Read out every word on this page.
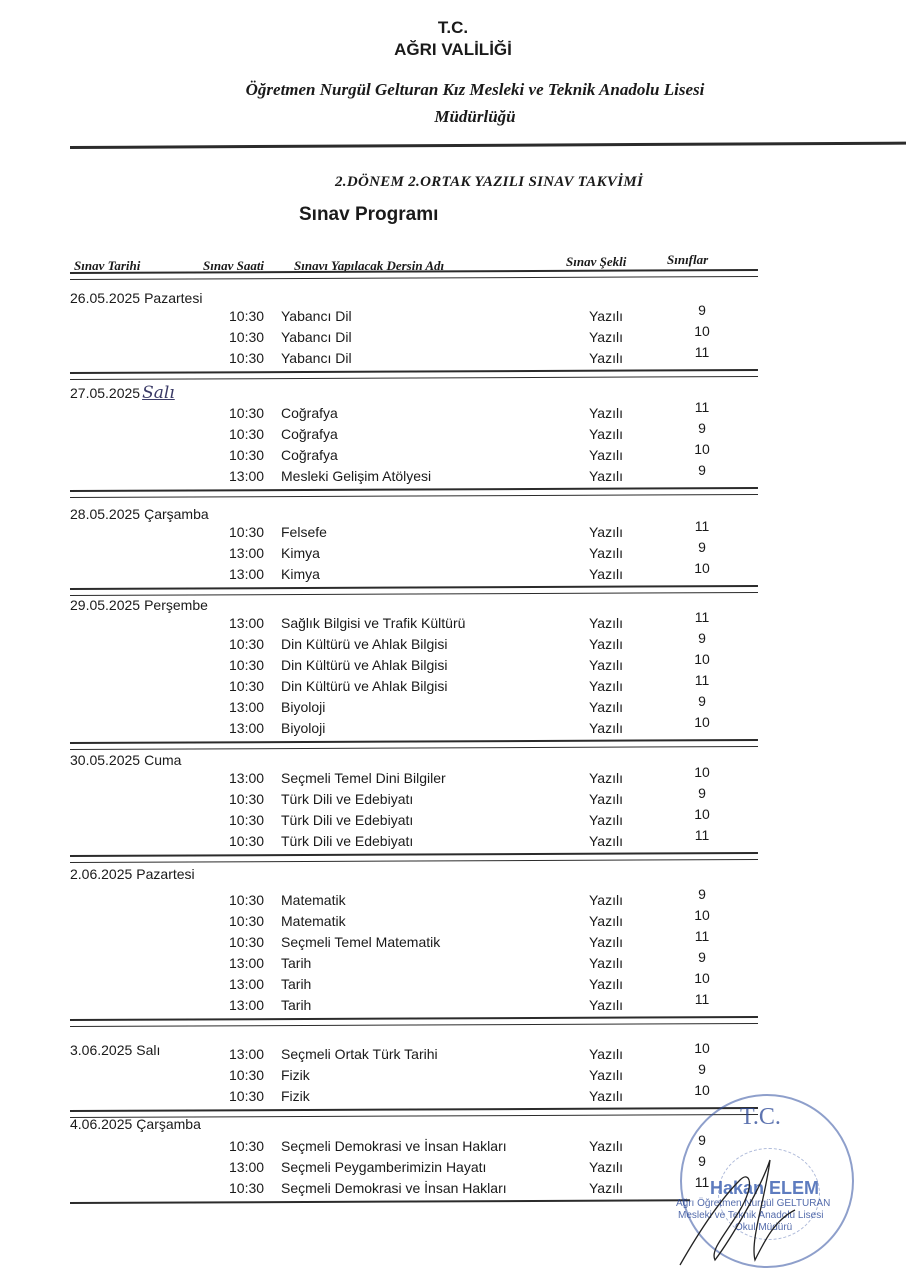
T.C.
AĞRI VALİLİĞİ
Öğretmen Nurgül Gelturan Kız Mesleki ve Teknik Anadolu Lisesi
Müdürlüğü
2.DÖNEM 2.ORTAK YAZILI SINAV TAKVİMİ
Sınav Programı
Sınav Tarihi	Sınav Saati Sınavı Yapılacak Dersin Adı	Sınav Şekli	Sınıflar
26.05.2025 Pazartesi
10:30 Yabancı Dil	Yazılı	9
10:30 Yabancı Dil	Yazılı	10
10:30 Yabancı Dil	Yazılı	11
27.05.2025 Salı
10:30 Coğrafya	Yazılı	11
10:30 Coğrafya	Yazılı	9
10:30 Coğrafya	Yazılı	10
13:00 Mesleki Gelişim Atölyesi	Yazılı	9
28.05.2025 Çarşamba
10:30 Felsefe	Yazılı	11
13:00 Kimya	Yazılı	9
13:00 Kimya	Yazılı	10
29.05.2025 Perşembe
13:00 Sağlık Bilgisi ve Trafik Kültürü	Yazılı	11
10:30 Din Kültürü ve Ahlak Bilgisi	Yazılı	9
10:30 Din Kültürü ve Ahlak Bilgisi	Yazılı	10
10:30 Din Kültürü ve Ahlak Bilgisi	Yazılı	11
13:00 Biyoloji	Yazılı	9
13:00 Biyoloji	Yazılı	10
30.05.2025 Cuma
13:00 Seçmeli Temel Dini Bilgiler	Yazılı	10
10:30 Türk Dili ve Edebiyatı	Yazılı	9
10:30 Türk Dili ve Edebiyatı	Yazılı	10
10:30 Türk Dili ve Edebiyatı	Yazılı	11
2.06.2025 Pazartesi
10:30 Matematik	Yazılı	9
10:30 Matematik	Yazılı	10
10:30 Seçmeli Temel Matematik	Yazılı	11
13:00 Tarih	Yazılı	9
13:00 Tarih	Yazılı	10
13:00 Tarih	Yazılı	11
3.06.2025 Salı	13:00 Seçmeli Ortak Türk Tarihi	Yazılı	10
10:30 Fizik	Yazılı	9
10:30 Fizik	Yazılı	10
4.06.2025 Çarşamba
10:30 Seçmeli Demokrasi ve İnsan Hakları	Yazılı	9
13:00 Seçmeli Peygamberimizin Hayatı	Yazılı	9
10:30 Seçmeli Demokrasi ve İnsan Hakları	Yazılı	11
T.C.
Hakan ELEM
Ağrı Öğretmen Nurgül GELTURAN
Mesleki ve Teknik Anadolu Lisesi
Okul Müdürü
